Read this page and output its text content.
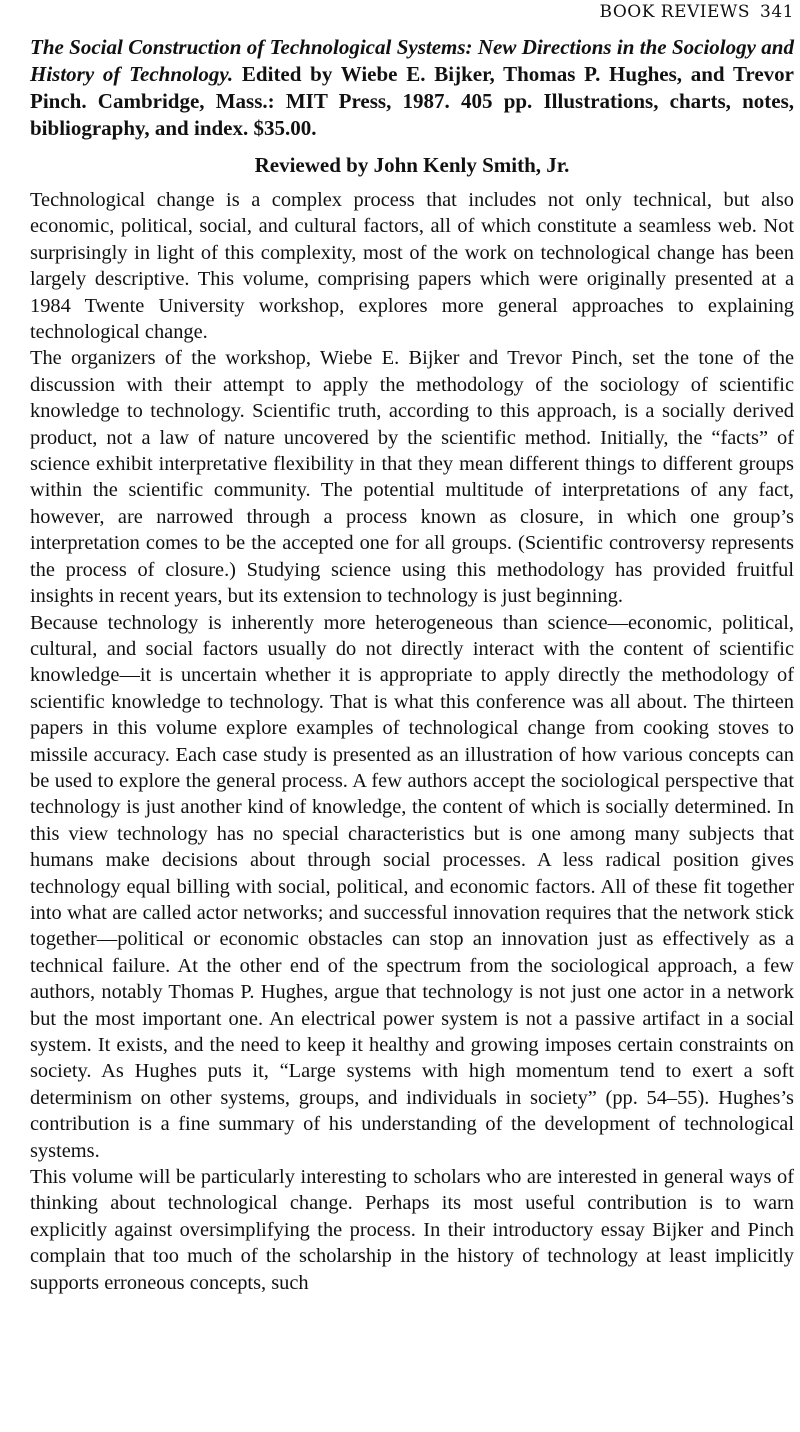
BOOK REVIEWS 341
The Social Construction of Technological Systems: New Directions in the Sociology and History of Technology. Edited by Wiebe E. Bijker, Thomas P. Hughes, and Trevor Pinch. Cambridge, Mass.: MIT Press, 1987. 405 pp. Illustrations, charts, notes, bibliography, and index. $35.00.
Reviewed by John Kenly Smith, Jr.

Technological change is a complex process that includes not only technical, but also economic, political, social, and cultural factors, all of which constitute a seamless web. Not surprisingly in light of this complexity, most of the work on technological change has been largely descriptive. This volume, comprising papers which were originally presented at a 1984 Twente University workshop, explores more general approaches to explaining technological change.

The organizers of the workshop, Wiebe E. Bijker and Trevor Pinch, set the tone of the discussion with their attempt to apply the methodology of the sociology of scientific knowledge to technology. Scientific truth, according to this approach, is a socially derived product, not a law of nature uncovered by the scientific method. Initially, the “facts” of science exhibit interpretative flexibility in that they mean different things to different groups within the scientific community. The potential multitude of interpretations of any fact, however, are narrowed through a process known as closure, in which one group’s interpretation comes to be the accepted one for all groups. (Scientific controversy represents the process of closure.) Studying science using this methodology has provided fruitful insights in recent years, but its extension to technology is just beginning.

Because technology is inherently more heterogeneous than science—economic, political, cultural, and social factors usually do not directly interact with the content of scientific knowledge—it is uncertain whether it is appropriate to apply directly the methodology of scientific knowledge to technology. That is what this conference was all about. The thirteen papers in this volume explore examples of technological change from cooking stoves to missile accuracy. Each case study is presented as an illustration of how various concepts can be used to explore the general process. A few authors accept the sociological perspective that technology is just another kind of knowledge, the content of which is socially determined. In this view technology has no special characteristics but is one among many subjects that humans make decisions about through social processes. A less radical position gives technology equal billing with social, political, and economic factors. All of these fit together into what are called actor networks; and successful innovation requires that the network stick together—political or economic obstacles can stop an innovation just as effectively as a technical failure. At the other end of the spectrum from the sociological approach, a few authors, notably Thomas P. Hughes, argue that technology is not just one actor in a network but the most important one. An electrical power system is not a passive artifact in a social system. It exists, and the need to keep it healthy and growing imposes certain constraints on society. As Hughes puts it, “Large systems with high momentum tend to exert a soft determinism on other systems, groups, and individuals in society” (pp. 54–55). Hughes’s contribution is a fine summary of his understanding of the development of technological systems.

This volume will be particularly interesting to scholars who are interested in general ways of thinking about technological change. Perhaps its most useful contribution is to warn explicitly against oversimplifying the process. In their introductory essay Bijker and Pinch complain that too much of the scholarship in the history of technology at least implicitly supports erroneous concepts, such
